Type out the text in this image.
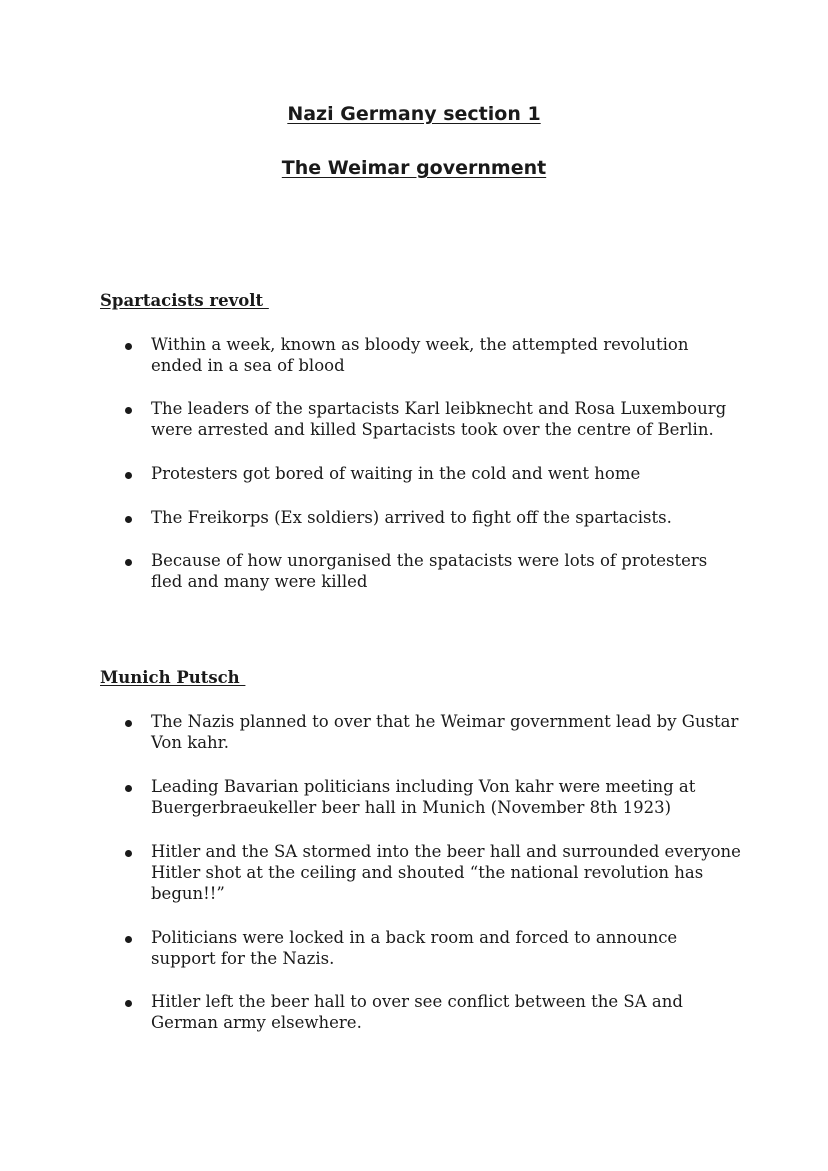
Nazi Germany section 1
The Weimar government
Spartacists revolt

Within a week, known as bloody week, the attempted revolution ended in a sea of blood

The leaders of the spartacists Karl leibknecht and Rosa Luxembourg were arrested and killed Spartacists took over the centre of Berlin.

Protesters got bored of waiting in the cold and went home

The Freikorps (Ex soldiers) arrived to fight off the spartacists.

Because of how unorganised the spatacists were lots of protesters fled and many were killed

Munich Putsch

The Nazis planned to over that he Weimar government lead by Gustar Von kahr.

Leading Bavarian politicians including Von kahr were meeting at Buergerbraeukeller beer hall in Munich (November 8th 1923)

Hitler and the SA stormed into the beer hall and surrounded everyone Hitler shot at the ceiling and shouted “the national revolution has begun!!”

Politicians were locked in a back room and forced to announce support for the Nazis.

Hitler left the beer hall to over see conflict between the SA and German army elsewhere.
